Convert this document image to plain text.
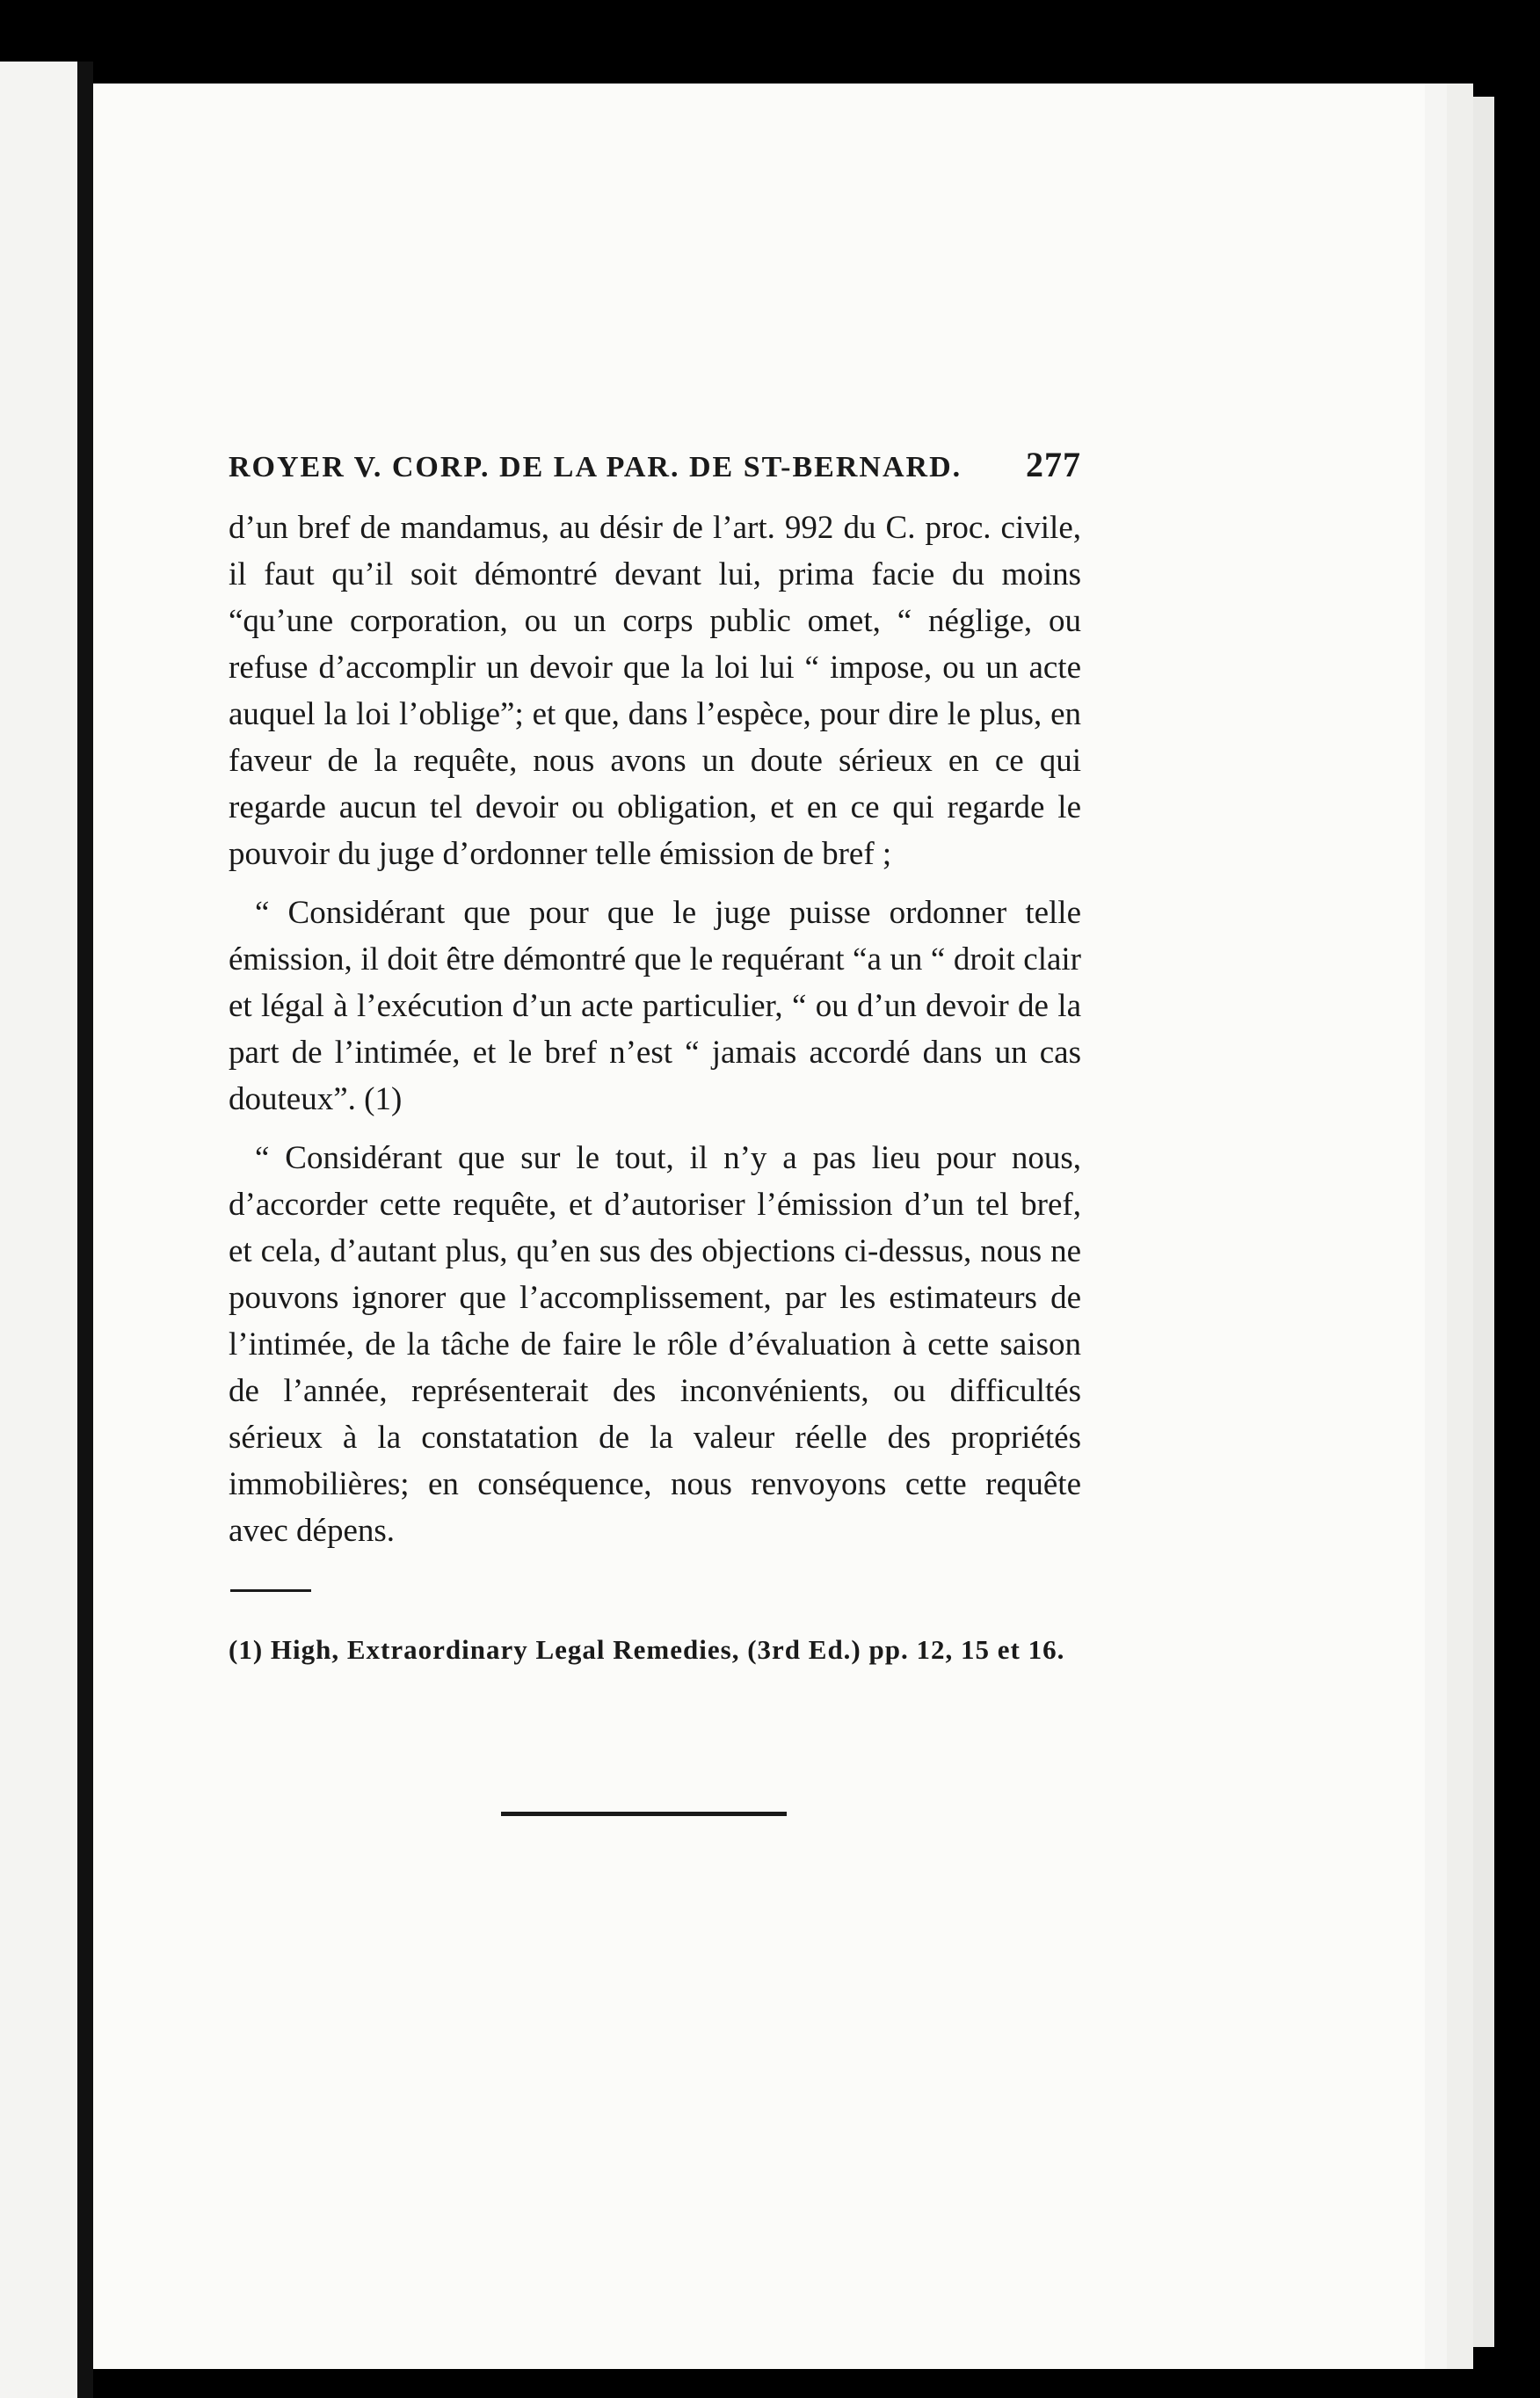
ROYER V. CORP. DE LA PAR. DE ST-BERNARD. 277

d’un bref de mandamus, au désir de l’art. 992 du C. proc. civile, il faut qu’il soit démontré devant lui, prima facie du moins “qu’une corporation, ou un corps public omet, “ néglige, ou refuse d’accomplir un devoir que la loi lui “ impose, ou un acte auquel la loi l’oblige”; et que, dans l’espèce, pour dire le plus, en faveur de la requête, nous avons un doute sérieux en ce qui regarde aucun tel devoir ou obligation, et en ce qui regarde le pouvoir du juge d’ordonner telle émission de bref ;

“ Considérant que pour que le juge puisse ordonner telle émission, il doit être démontré que le requérant “a un “ droit clair et légal à l’exécution d’un acte particulier, “ ou d’un devoir de la part de l’intimée, et le bref n’est “ jamais accordé dans un cas douteux”. (1)

“ Considérant que sur le tout, il n’y a pas lieu pour nous, d’accorder cette requête, et d’autoriser l’émission d’un tel bref, et cela, d’autant plus, qu’en sus des objections ci-dessus, nous ne pouvons ignorer que l’accomplissement, par les estimateurs de l’intimée, de la tâche de faire le rôle d’évaluation à cette saison de l’année, représenterait des inconvénients, ou difficultés sérieux à la constatation de la valeur réelle des propriétés immobilières; en conséquence, nous renvoyons cette requête avec dépens.

(1) High, Extraordinary Legal Remedies, (3rd Ed.) pp. 12, 15 et 16.
